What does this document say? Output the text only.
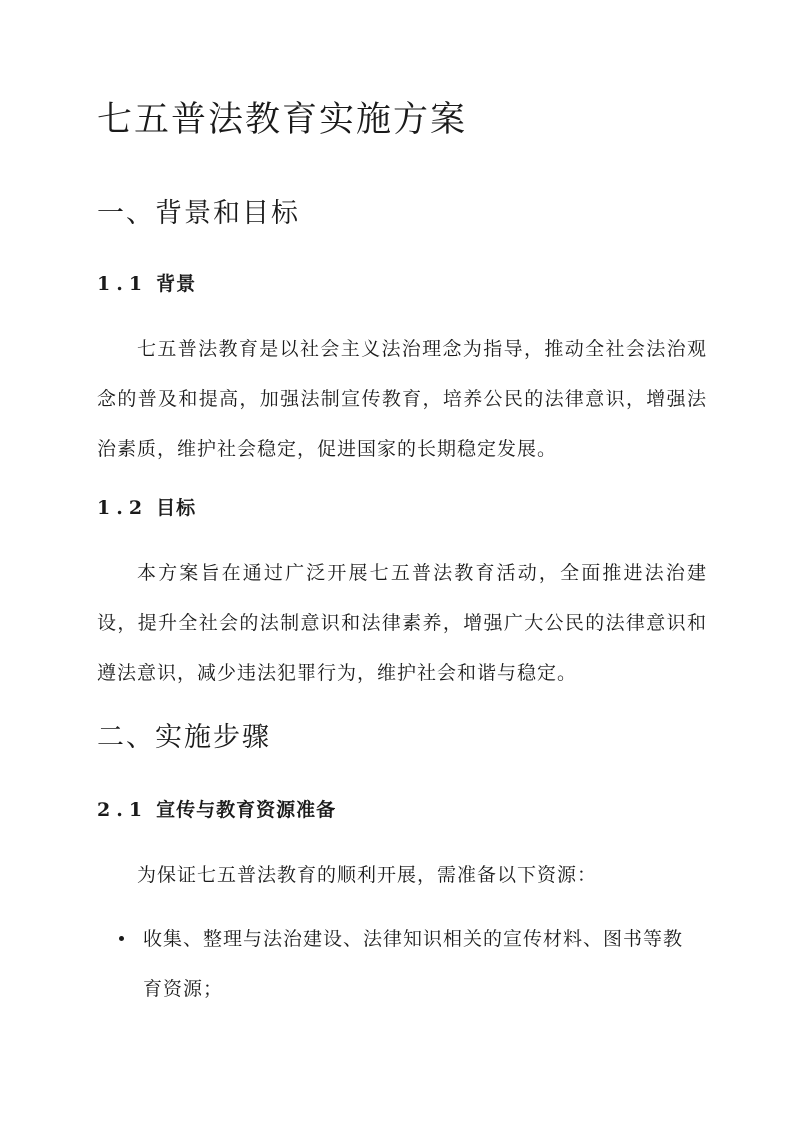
七五普法教育实施方案
一、背景和目标
1.1 背景

七五普法教育是以社会主义法治理念为指导，推动全社会法治观念的普及和提高，加强法制宣传教育，培养公民的法律意识，增强法治素质，维护社会稳定，促进国家的长期稳定发展。

1.2 目标

本方案旨在通过广泛开展七五普法教育活动，全面推进法治建设，提升全社会的法制意识和法律素养，增强广大公民的法律意识和遵法意识，减少违法犯罪行为，维护社会和谐与稳定。

二、实施步骤
2.1 宣传与教育资源准备

为保证七五普法教育的顺利开展，需准备以下资源：

收集、整理与法治建设、法律知识相关的宣传材料、图书等教育资源；
